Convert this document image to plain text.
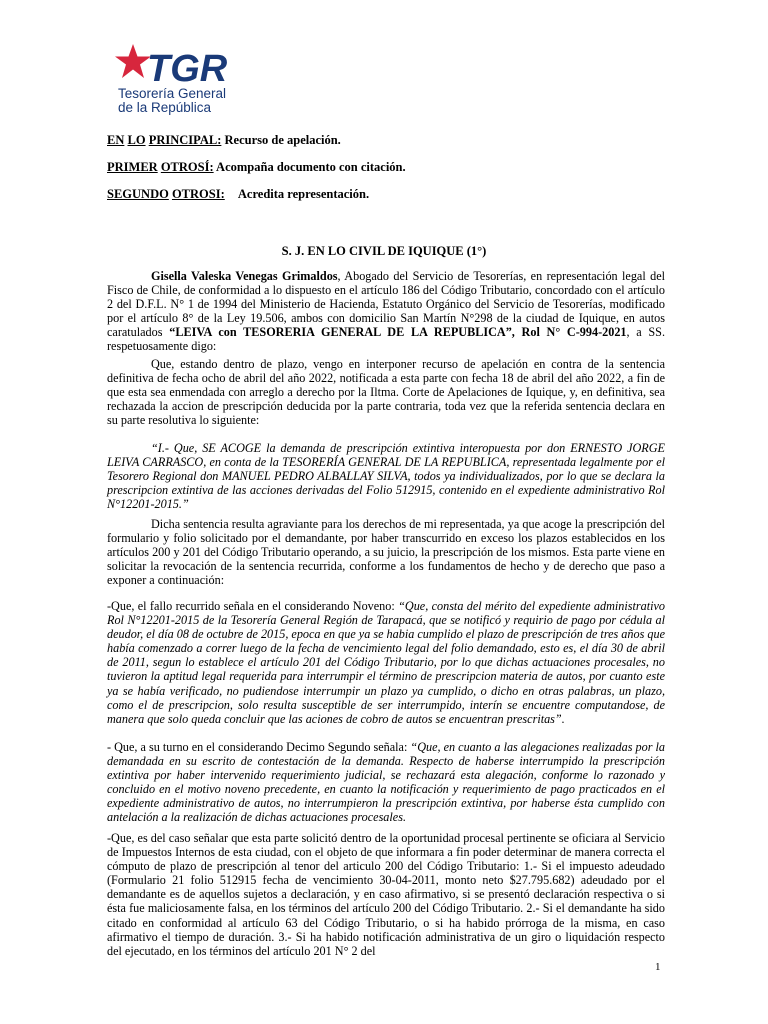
TGR
Tesorería General
de la República
EN LO PRINCIPAL: Recurso de apelación.
PRIMER OTROSÍ: Acompaña documento con citación.
SEGUNDO OTROSI: Acredita representación.
S. J. EN LO CIVIL DE IQUIQUE (1°)

Gisella Valeska Venegas Grimaldos, Abogado del Servicio de Tesorerías, en representación legal del Fisco de Chile, de conformidad a lo dispuesto en el artículo 186 del Código Tributario, concordado con el artículo 2 del D.F.L. N° 1 de 1994 del Ministerio de Hacienda, Estatuto Orgánico del Servicio de Tesorerías, modificado por el artículo 8° de la Ley 19.506, ambos con domicilio San Martín N°298 de la ciudad de Iquique, en autos caratulados “LEIVA con TESORERIA GENERAL DE LA REPUBLICA”, Rol N° C-994-2021, a SS. respetuosamente digo:

Que, estando dentro de plazo, vengo en interponer recurso de apelación en contra de la sentencia definitiva de fecha ocho de abril del año 2022, notificada a esta parte con fecha 18 de abril del año 2022, a fin de que esta sea enmendada con arreglo a derecho por la Iltma. Corte de Apelaciones de Iquique, y, en definitiva, sea rechazada la accion de prescripción deducida por la parte contraria, toda vez que la referida sentencia declara en su parte resolutiva lo siguiente:

“I.- Que, SE ACOGE la demanda de prescripción extintiva interopuesta por don ERNESTO JORGE LEIVA CARRASCO, en conta de la TESORERÍA GENERAL DE LA REPUBLICA, representada legalmente por el Tesorero Regional don MANUEL PEDRO ALBALLAY SILVA, todos ya individualizados, por lo que se declara la prescripcion extintiva de las acciones derivadas del Folio 512915, contenido en el expediente administrativo Rol N°12201-2015.”

Dicha sentencia resulta agraviante para los derechos de mi representada, ya que acoge la prescripción del formulario y folio solicitado por el demandante, por haber transcurrido en exceso los plazos establecidos en los artículos 200 y 201 del Código Tributario operando, a su juicio, la prescripción de los mismos. Esta parte viene en solicitar la revocación de la sentencia recurrida, conforme a los fundamentos de hecho y de derecho que paso a exponer a continuación:

-Que, el fallo recurrido señala en el considerando Noveno: “Que, consta del mérito del expediente administrativo Rol N°12201-2015 de la Tesorería General Región de Tarapacá, que se notificó y requirio de pago por cédula al deudor, el día 08 de octubre de 2015, epoca en que ya se habia cumplido el plazo de prescripción de tres años que había comenzado a correr luego de la fecha de vencimiento legal del folio demandado, esto es, el día 30 de abril de 2011, segun lo establece el artículo 201 del Código Tributario, por lo que dichas actuaciones procesales, no tuvieron la aptitud legal requerida para interrumpir el término de prescripcion materia de autos, por cuanto este ya se había verificado, no pudiendose interrumpir un plazo ya cumplido, o dicho en otras palabras, un plazo, como el de prescripcion, solo resulta susceptible de ser interrumpido, interín se encuentre computandose, de manera que solo queda concluir que las aciones de cobro de autos se encuentran prescritas”.

- Que, a su turno en el considerando Decimo Segundo señala: “Que, en cuanto a las alegaciones realizadas por la demandada en su escrito de contestación de la demanda. Respecto de haberse interrumpido la prescripción extintiva por haber intervenido requerimiento judicial, se rechazará esta alegación, conforme lo razonado y concluido en el motivo noveno precedente, en cuanto la notificación y requerimiento de pago practicados en el expediente administrativo de autos, no interrumpieron la prescripción extintiva, por haberse ésta cumplido con antelación a la realización de dichas actuaciones procesales.

-Que, es del caso señalar que esta parte solicitó dentro de la oportunidad procesal pertinente se oficiara al Servicio de Impuestos Internos de esta ciudad, con el objeto de que informara a fin poder determinar de manera correcta el cómputo de plazo de prescripción al tenor del articulo 200 del Código Tributario: 1.- Si el impuesto adeudado (Formulario 21 folio 512915 fecha de vencimiento 30-04-2011, monto neto $27.795.682) adeudado por el demandante es de aquellos sujetos a declaración, y en caso afirmativo, si se presentó declaración respectiva o si ésta fue maliciosamente falsa, en los términos del artículo 200 del Código Tributario. 2.- Si el demandante ha sido citado en conformidad al artículo 63 del Código Tributario, o si ha habido prórroga de la misma, en caso afirmativo el tiempo de duración. 3.- Si ha habido notificación administrativa de un giro o liquidación respecto del ejecutado, en los términos del artículo 201 N° 2 del

1
